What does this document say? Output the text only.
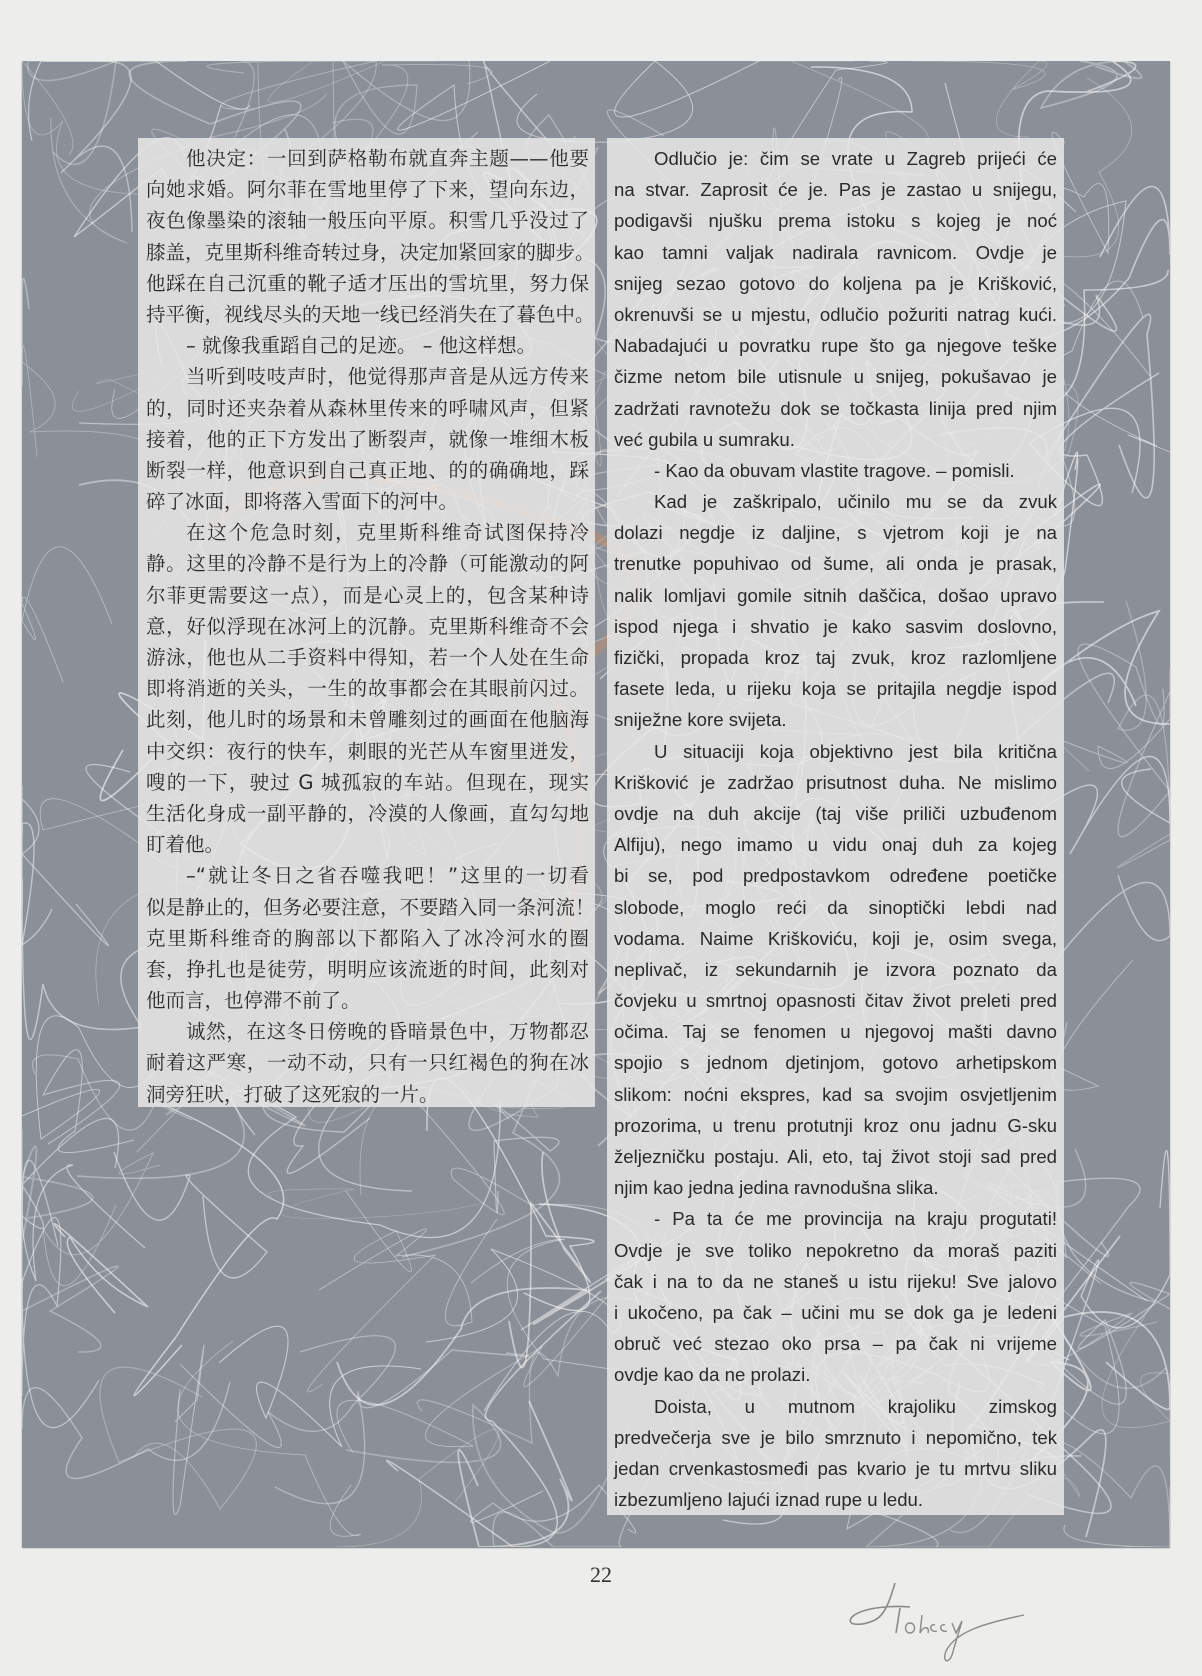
他决定：一回到萨格勒布就直奔主题——他要
向她求婚。阿尔菲在雪地里停了下来，望向东边，
夜色像墨染的滚轴一般压向平原。积雪几乎没过了
膝盖，克里斯科维奇转过身，决定加紧回家的脚步。
他踩在自己沉重的靴子适才压出的雪坑里，努力保
持平衡，视线尽头的天地一线已经消失在了暮色中。
– 就像我重蹈自己的足迹。 – 他这样想。
当听到吱吱声时，他觉得那声音是从远方传来
的，同时还夹杂着从森林里传来的呼啸风声，但紧
接着，他的正下方发出了断裂声，就像一堆细木板
断裂一样，他意识到自己真正地、的的确确地，踩
碎了冰面，即将落入雪面下的河中。
在这个危急时刻，克里斯科维奇试图保持冷
静。这里的冷静不是行为上的冷静（可能激动的阿
尔菲更需要这一点），而是心灵上的，包含某种诗
意，好似浮现在冰河上的沉静。克里斯科维奇不会
游泳，他也从二手资料中得知，若一个人处在生命
即将消逝的关头，一生的故事都会在其眼前闪过。
此刻，他儿时的场景和未曾雕刻过的画面在他脑海
中交织：夜行的快车，刺眼的光芒从车窗里迸发，
嗖的一下，驶过 G 城孤寂的车站。但现在，现实
生活化身成一副平静的，冷漠的人像画，直勾勾地
盯着他。
–“就让冬日之省吞噬我吧！”这里的一切看
似是静止的，但务必要注意，不要踏入同一条河流！
克里斯科维奇的胸部以下都陷入了冰冷河水的圈
套，挣扎也是徒劳，明明应该流逝的时间，此刻对
他而言，也停滞不前了。
诚然，在这冬日傍晚的昏暗景色中，万物都忍
耐着这严寒，一动不动，只有一只红褐色的狗在冰
洞旁狂吠，打破了这死寂的一片。
Odlučio je: čim se vrate u Zagreb prijeći će
na stvar. Zaprosit će je. Pas je zastao u snijegu,
podigavši njušku prema istoku s kojeg je noć
kao tamni valjak nadirala ravnicom. Ovdje je
snijeg sezao gotovo do koljena pa je Krišković,
okrenuvši se u mjestu, odlučio požuriti natrag kući.
Nabadajući u povratku rupe što ga njegove teške
čizme netom bile utisnule u snijeg, pokušavao je
zadržati ravnotežu dok se točkasta linija pred njim
već gubila u sumraku.
- Kao da obuvam vlastite tragove. – pomisli.
Kad je zaškripalo, učinilo mu se da zvuk
dolazi negdje iz daljine, s vjetrom koji je na
trenutke popuhivao od šume, ali onda je prasak,
nalik lomljavi gomile sitnih daščica, došao upravo
ispod njega i shvatio je kako sasvim doslovno,
fizički, propada kroz taj zvuk, kroz razlomljene
fasete leda, u rijeku koja se pritajila negdje ispod
sniježne kore svijeta.
U situaciji koja objektivno jest bila kritična
Krišković je zadržao prisutnost duha. Ne mislimo
ovdje na duh akcije (taj više priliči uzbuđenom
Alfiju), nego imamo u vidu onaj duh za kojeg
bi se, pod predpostavkom određene poetičke
slobode, moglo reći da sinoptički lebdi nad
vodama. Naime Kriškoviću, koji je, osim svega,
neplivač, iz sekundarnih je izvora poznato da
čovjeku u smrtnoj opasnosti čitav život preleti pred
očima. Taj se fenomen u njegovoj mašti davno
spojio s jednom djetinjom, gotovo arhetipskom
slikom: noćni ekspres, kad sa svojim osvjetljenim
prozorima, u trenu protutnji kroz onu jadnu G-sku
željezničku postaju. Ali, eto, taj život stoji sad pred
njim kao jedna jedina ravnodušna slika.
- Pa ta će me provincija na kraju progutati!
Ovdje je sve toliko nepokretno da moraš paziti
čak i na to da ne staneš u istu rijeku! Sve jalovo
i ukočeno, pa čak – učini mu se dok ga je ledeni
obruč već stezao oko prsa – pa čak ni vrijeme
ovdje kao da ne prolazi.
Doista, u mutnom krajoliku zimskog
predvečerja sve je bilo smrznuto i nepomično, tek
jedan crvenkastosmeđi pas kvario je tu mrtvu sliku
izbezumljeno lajući iznad rupe u ledu.
22
